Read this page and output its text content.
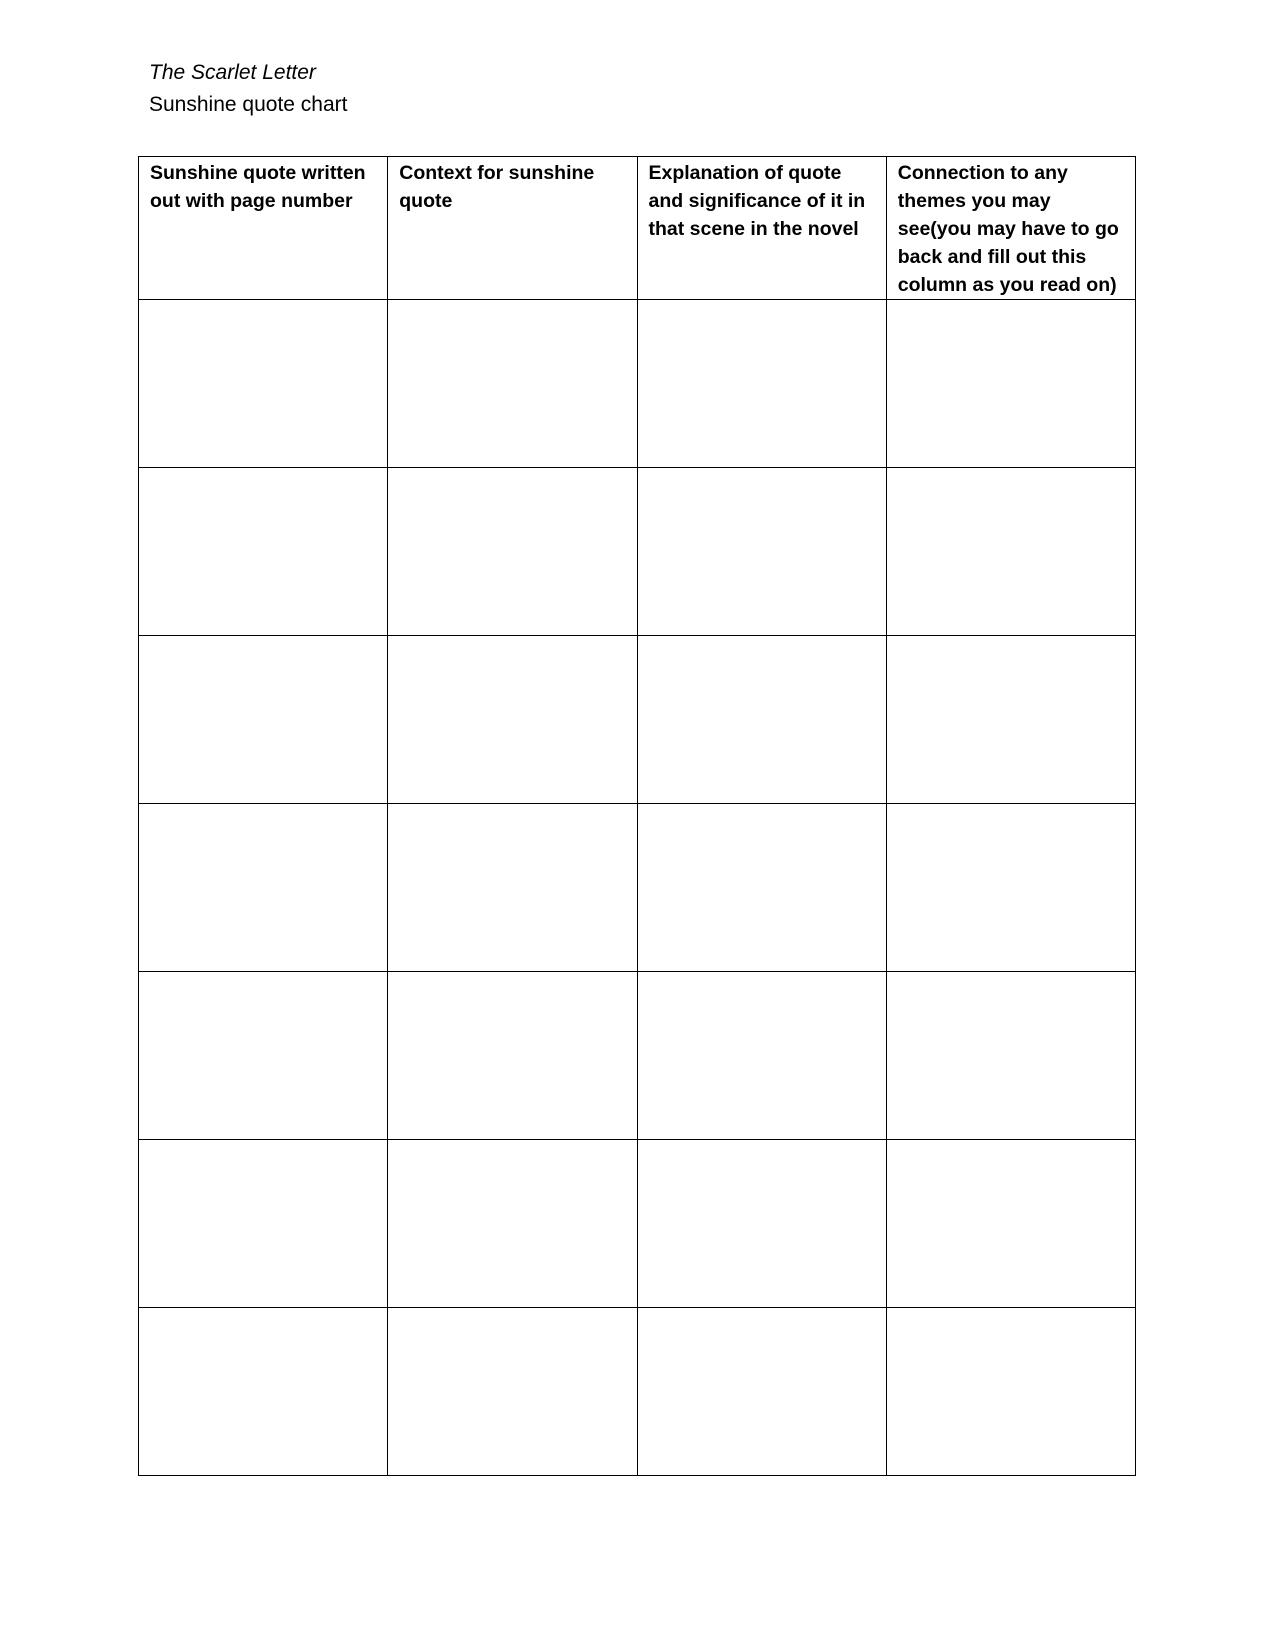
The Scarlet Letter
Sunshine quote chart
Sunshine quote written out with page number	Context for sunshine quote	Explanation of quote and significance of it in that scene in the novel	Connection to any themes you may see(you may have to go back and fill out this column as you read on)
